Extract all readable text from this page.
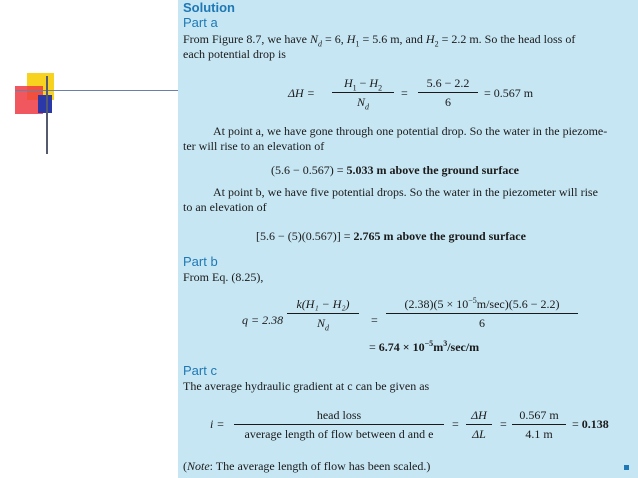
Solution
Part a
From Figure 8.7, we have $N_d = 6$, $H_1 = 5.6$ m, and $H_2 = 2.2$ m. So the head loss of
each potential drop is
$\Delta H = \frac{H_1 - H_2}{N_d} = \frac{5.6 - 2.2}{6} = 0.567$ m
At point a, we have gone through one potential drop. So the water in the piezome-
ter will rise to an elevation of
(5.6 − 0.567) = 5.033 m above the ground surface
At point b, we have five potential drops. So the water in the piezometer will rise
to an elevation of
[5.6 − (5)(0.567)] = 2.765 m above the ground surface
Part b
From Eq. (8.25),
$q = 2.38 \frac{\text{k(H₁ − H₂)}}{N_d}$ =
$(2.38)(5 \times 10^{-5}m/\sec)(5.6 - 2.2)$
6
= $6.74 \times 10^{-5}m^3/\sec/m$
Part c
The average hydraulic gradient at c can be given as
i =
head loss
average length of flow between d and e
= $\frac{\Delta H}{\Delta L} = \frac{0.567 m}{4.1 m} = 0.138$
(Note: The average length of flow has been scaled.)
